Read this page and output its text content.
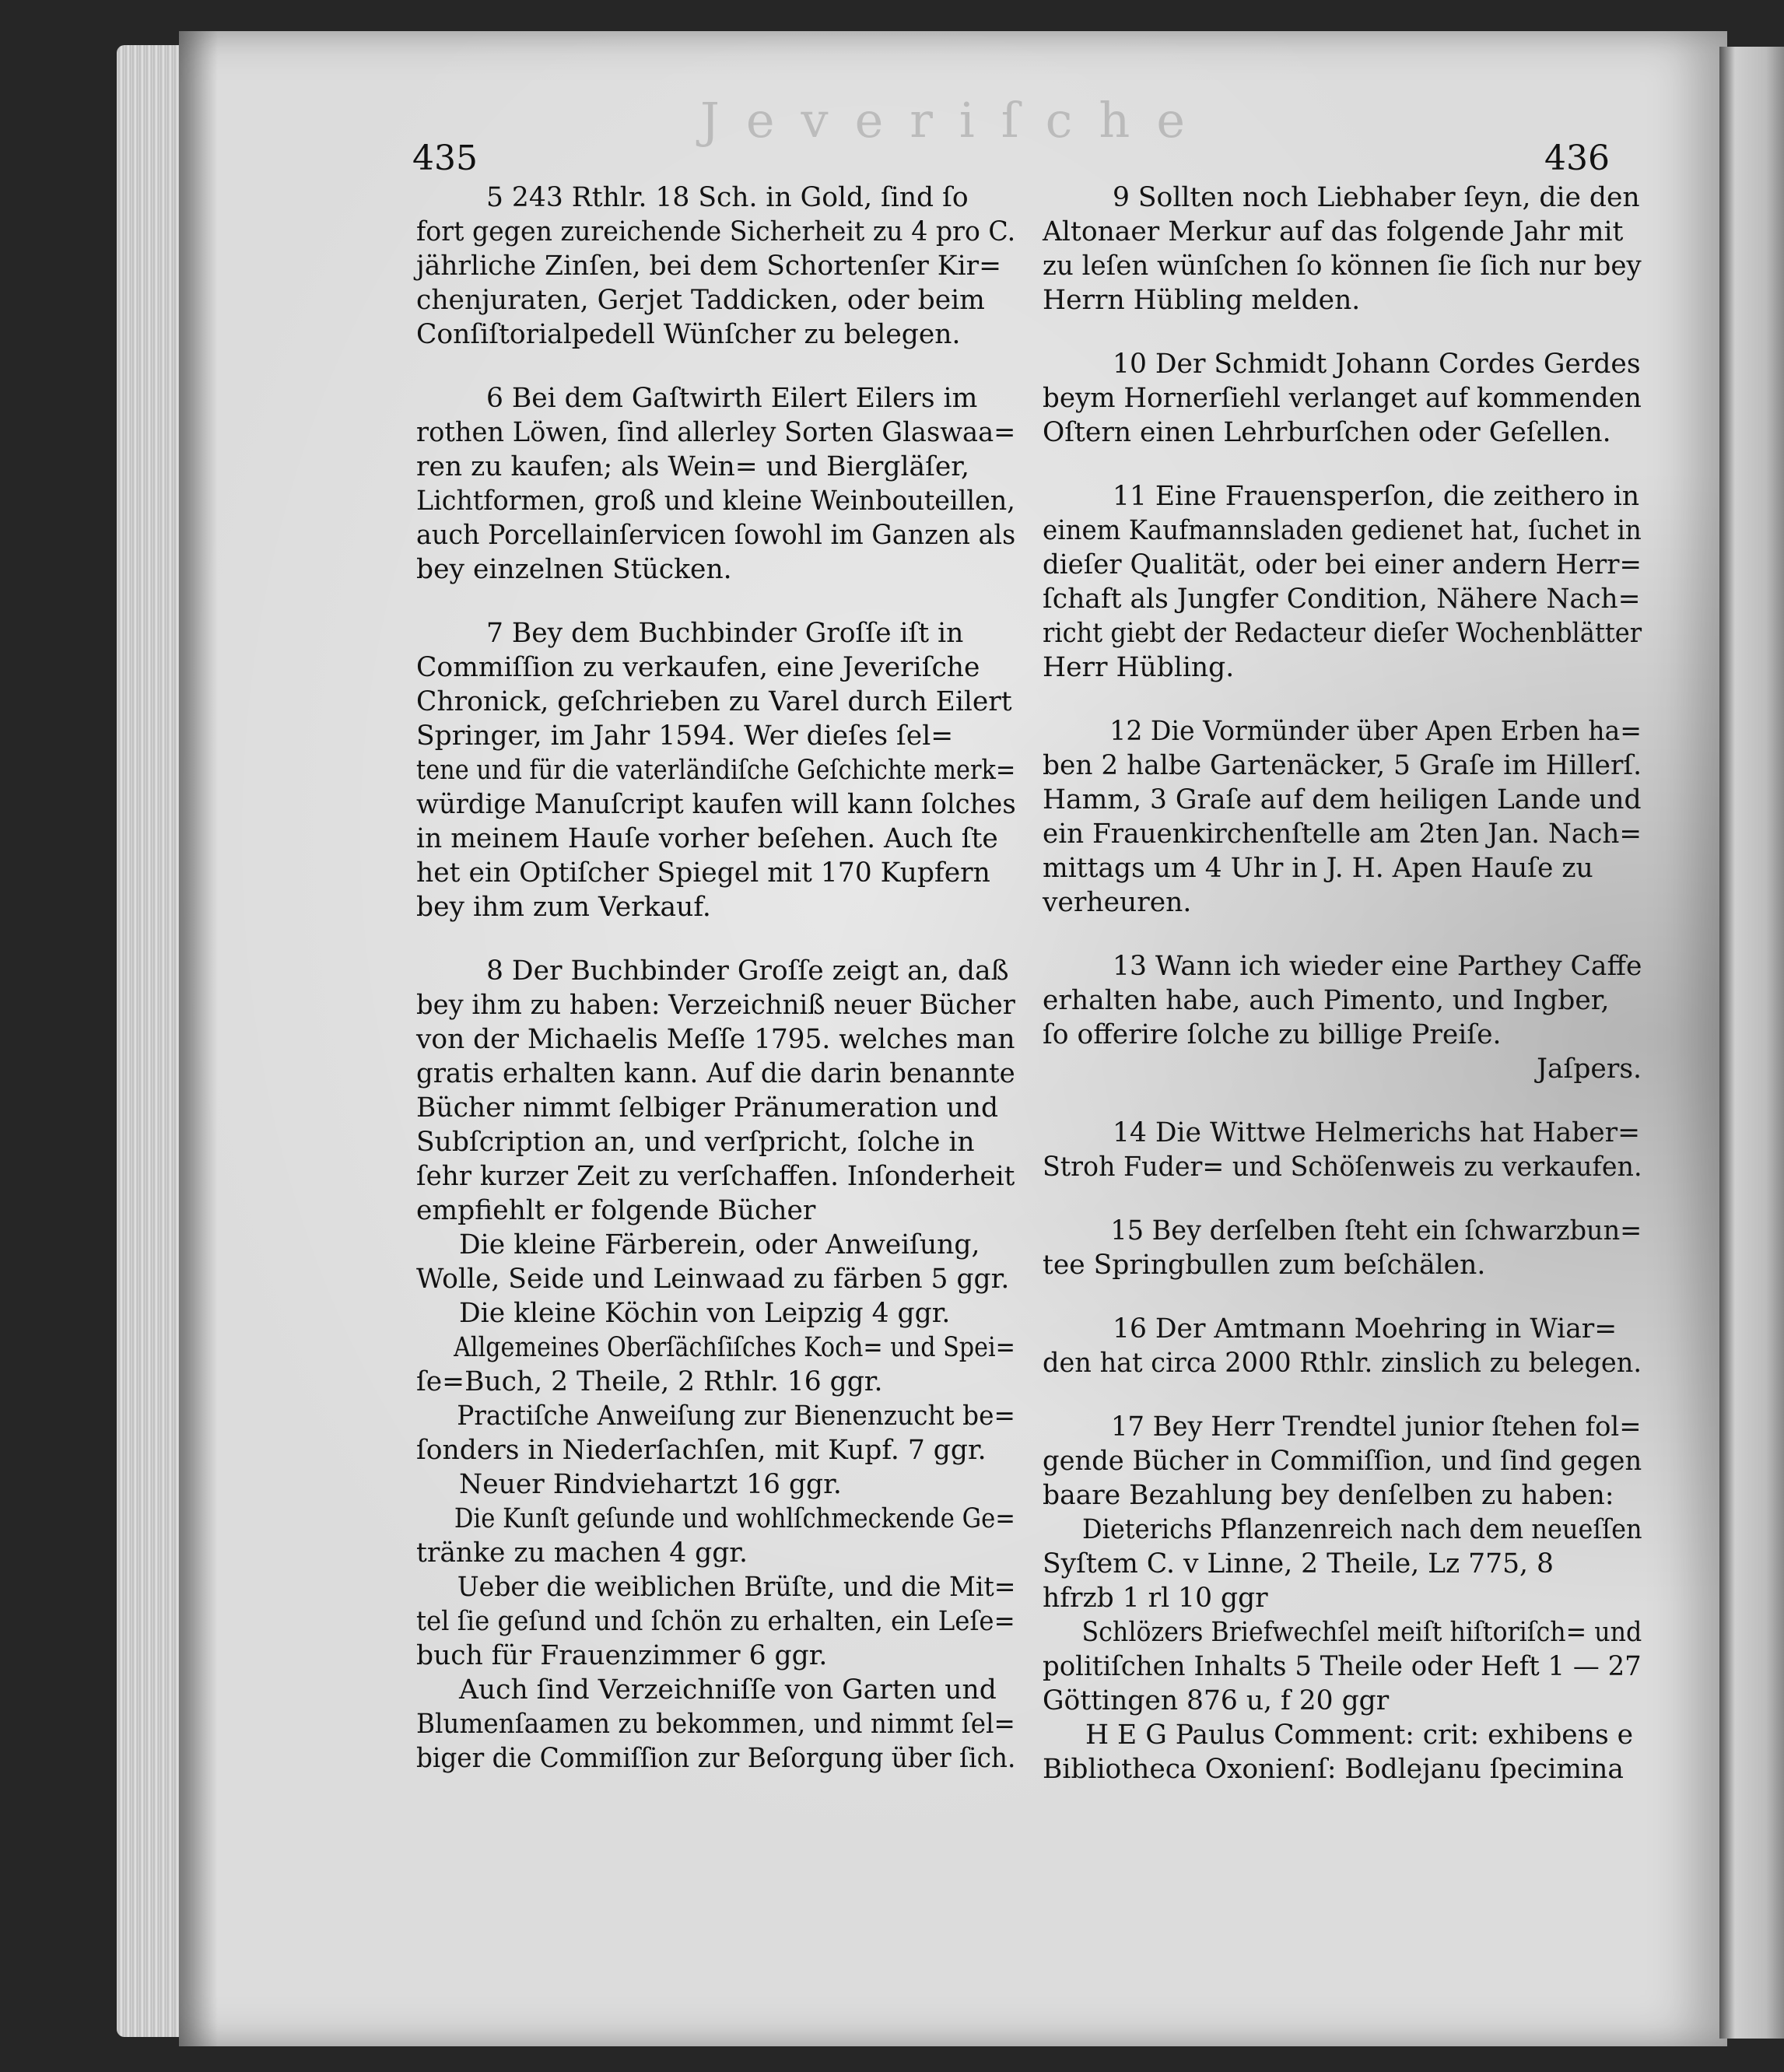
Jeveriſche
435	436
5 243 Rthlr. 18 Sch. in Gold, ſind ſo
fort gegen zureichende Sicherheit zu 4 pro C.
jährliche Zinſen, bei dem Schortenſer Kir=
chenjuraten, Gerjet Taddicken, oder beim
Conſiſtorialpedell Wünſcher zu belegen.
6 Bei dem Gaſtwirth Eilert Eilers im
rothen Löwen, ſind allerley Sorten Glaswaa=
ren zu kaufen; als Wein= und Biergläſer,
Lichtformen, groß und kleine Weinbouteillen,
auch Porcellainſervicen ſowohl im Ganzen als
bey einzelnen Stücken.
7 Bey dem Buchbinder Groſſe iſt in
Commiſſion zu verkaufen, eine Jeveriſche
Chronick, geſchrieben zu Varel durch Eilert
Springer, im Jahr 1594. Wer dieſes ſel=
tene und für die vaterländiſche Geſchichte merk=
würdige Manuſcript kaufen will kann ſolches
in meinem Hauſe vorher beſehen. Auch ſte
het ein Optiſcher Spiegel mit 170 Kupfern
bey ihm zum Verkauf.
8 Der Buchbinder Groſſe zeigt an, daß
bey ihm zu haben: Verzeichniß neuer Bücher
von der Michaelis Meſſe 1795. welches man
gratis erhalten kann. Auf die darin benannte
Bücher nimmt ſelbiger Pränumeration und
Subſcription an, und verſpricht, ſolche in
ſehr kurzer Zeit zu verſchaffen. Inſonderheit
empfiehlt er folgende Bücher
Die kleine Färberein, oder Anweiſung,
Wolle, Seide und Leinwaad zu färben 5 ggr.
Die kleine Köchin von Leipzig 4 ggr.
Allgemeines Oberſächſiſches Koch= und Spei=
ſe=Buch, 2 Theile, 2 Rthlr. 16 ggr.
Practiſche Anweiſung zur Bienenzucht be=
ſonders in Niederſachſen, mit Kupf. 7 ggr.
Neuer Rindviehartzt 16 ggr.
Die Kunſt geſunde und wohlſchmeckende Ge=
tränke zu machen 4 ggr.
Ueber die weiblichen Brüſte, und die Mit=
tel ſie geſund und ſchön zu erhalten, ein Leſe=
buch für Frauenzimmer 6 ggr.
Auch ſind Verzeichniſſe von Garten und
Blumenſaamen zu bekommen, und nimmt ſel=
biger die Commiſſion zur Beſorgung über ſich.
9 Sollten noch Liebhaber ſeyn, die den
Altonaer Merkur auf das folgende Jahr mit
zu leſen wünſchen ſo können ſie ſich nur bey
Herrn Hübling melden.
10 Der Schmidt Johann Cordes Gerdes
beym Hornerſiehl verlanget auf kommenden
Oſtern einen Lehrburſchen oder Geſellen.
11 Eine Frauensperſon, die zeithero in
einem Kaufmannsladen gedienet hat, ſuchet in
dieſer Qualität, oder bei einer andern Herr=
ſchaft als Jungfer Condition, Nähere Nach=
richt giebt der Redacteur dieſer Wochenblätter
Herr Hübling.
12 Die Vormünder über Apen Erben ha=
ben 2 halbe Gartenäcker, 5 Graſe im Hillerſ.
Hamm, 3 Graſe auf dem heiligen Lande und
ein Frauenkirchenſtelle am 2ten Jan. Nach=
mittags um 4 Uhr in J. H. Apen Hauſe zu
verheuren.
13 Wann ich wieder eine Parthey Caffe
erhalten habe, auch Pimento, und Ingber,
ſo offerire ſolche zu billige Preiſe.
Jaſpers.
14 Die Wittwe Helmerichs hat Haber=
Stroh Fuder= und Schöſenweis zu verkaufen.
15 Bey derſelben ſteht ein ſchwarzbun=
tee Springbullen zum beſchälen.
16 Der Amtmann Moehring in Wiar=
den hat circa 2000 Rthlr. zinslich zu belegen.
17 Bey Herr Trendtel junior ſtehen fol=
gende Bücher in Commiſſion, und ſind gegen
baare Bezahlung bey denſelben zu haben:
Dieterichs Pflanzenreich nach dem neueſſen
Syſtem C. v Linne, 2 Theile, Lz 775, 8
hfrzb 1 rl 10 ggr
Schlözers Briefwechſel meiſt hiſtoriſch= und
politiſchen Inhalts 5 Theile oder Heft 1 — 27
Göttingen 876 u, f 20 ggr
H E G Paulus Comment: crit: exhibens e
Bibliotheca Oxonienſ: Bodlejanu ſpecimina
